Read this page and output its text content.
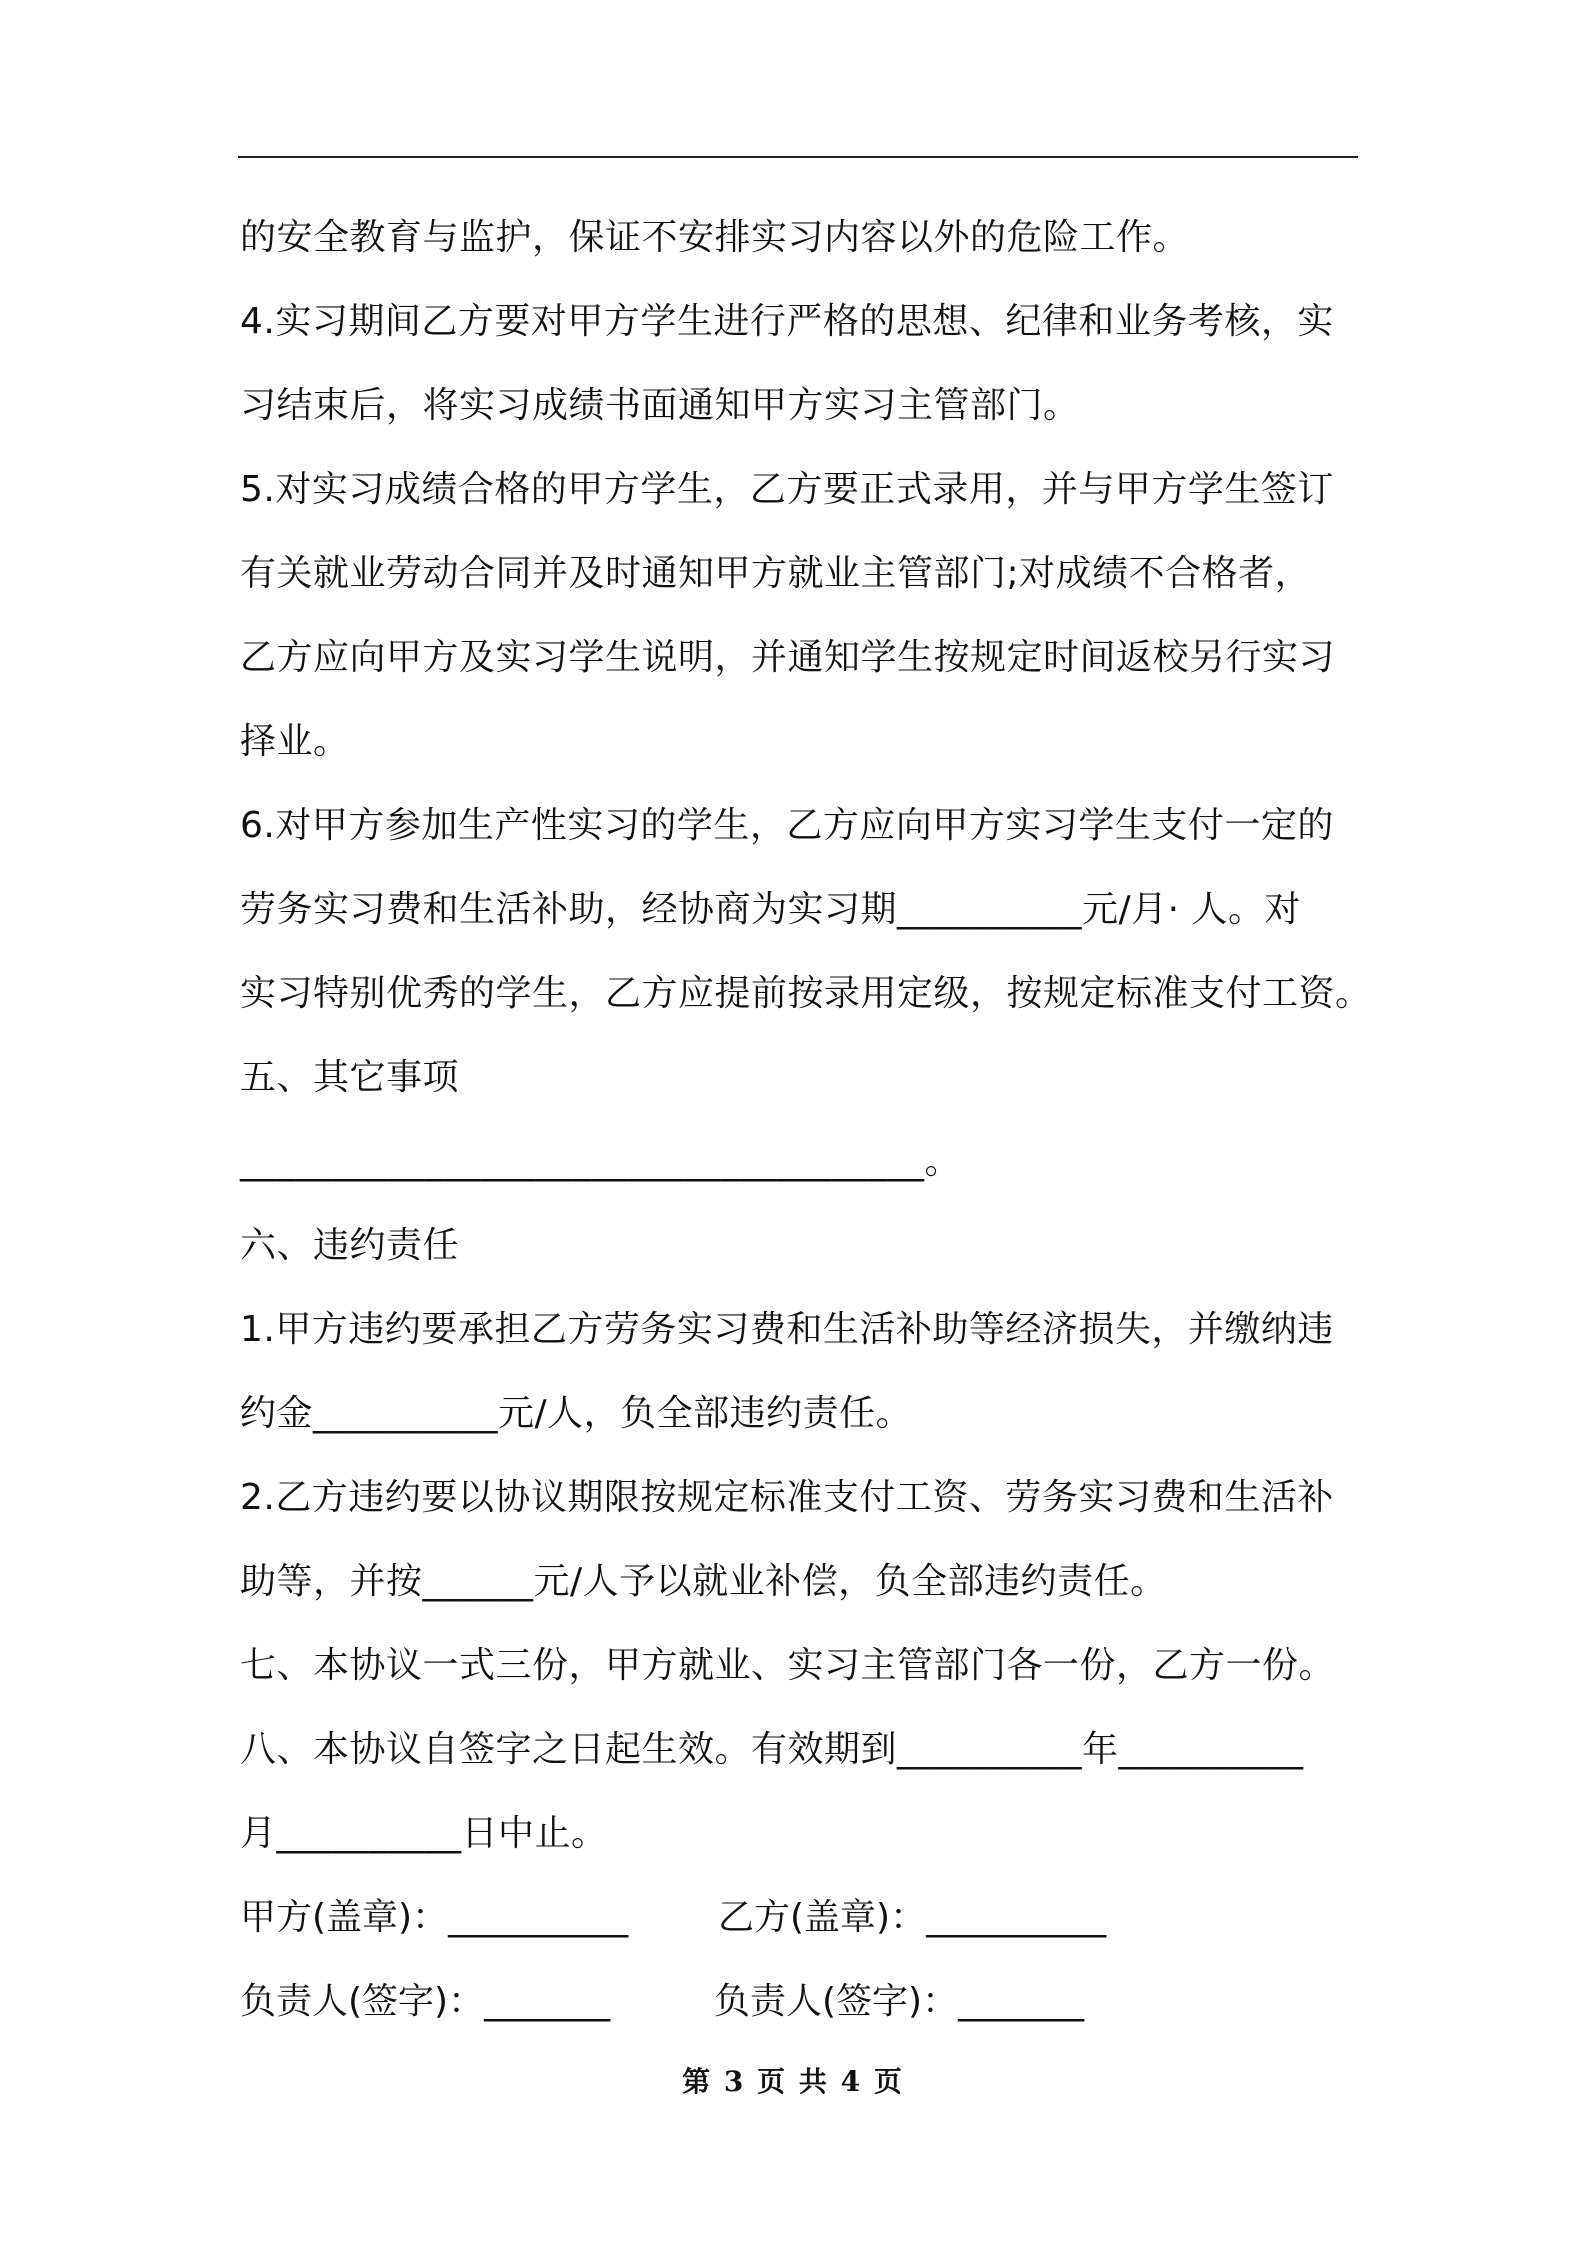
的安全教育与监护，保证不安排实习内容以外的危险工作。
4.实习期间乙方要对甲方学生进行严格的思想、纪律和业务考核，实
习结束后，将实习成绩书面通知甲方实习主管部门。
5.对实习成绩合格的甲方学生，乙方要正式录用，并与甲方学生签订
有关就业劳动合同并及时通知甲方就业主管部门;对成绩不合格者，
乙方应向甲方及实习学生说明，并通知学生按规定时间返校另行实习
择业。
6.对甲方参加生产性实习的学生，乙方应向甲方实习学生支付一定的
劳务实习费和生活补助，经协商为实习期__________元/月· 人。对
实习特别优秀的学生，乙方应提前按录用定级，按规定标准支付工资。
五、其它事项
_____________________________________。
六、违约责任
1.甲方违约要承担乙方劳务实习费和生活补助等经济损失，并缴纳违
约金__________元/人，负全部违约责任。
2.乙方违约要以协议期限按规定标准支付工资、劳务实习费和生活补
助等，并按______元/人予以就业补偿，负全部违约责任。
七、本协议一式三份，甲方就业、实习主管部门各一份，乙方一份。
八、本协议自签字之日起生效。有效期到__________年__________
月__________日中止。
甲方(盖章)：__________ 乙方(盖章)：__________
负责人(签字)：_______	负责人(签字)：_______
第 3 页 共 4 页
